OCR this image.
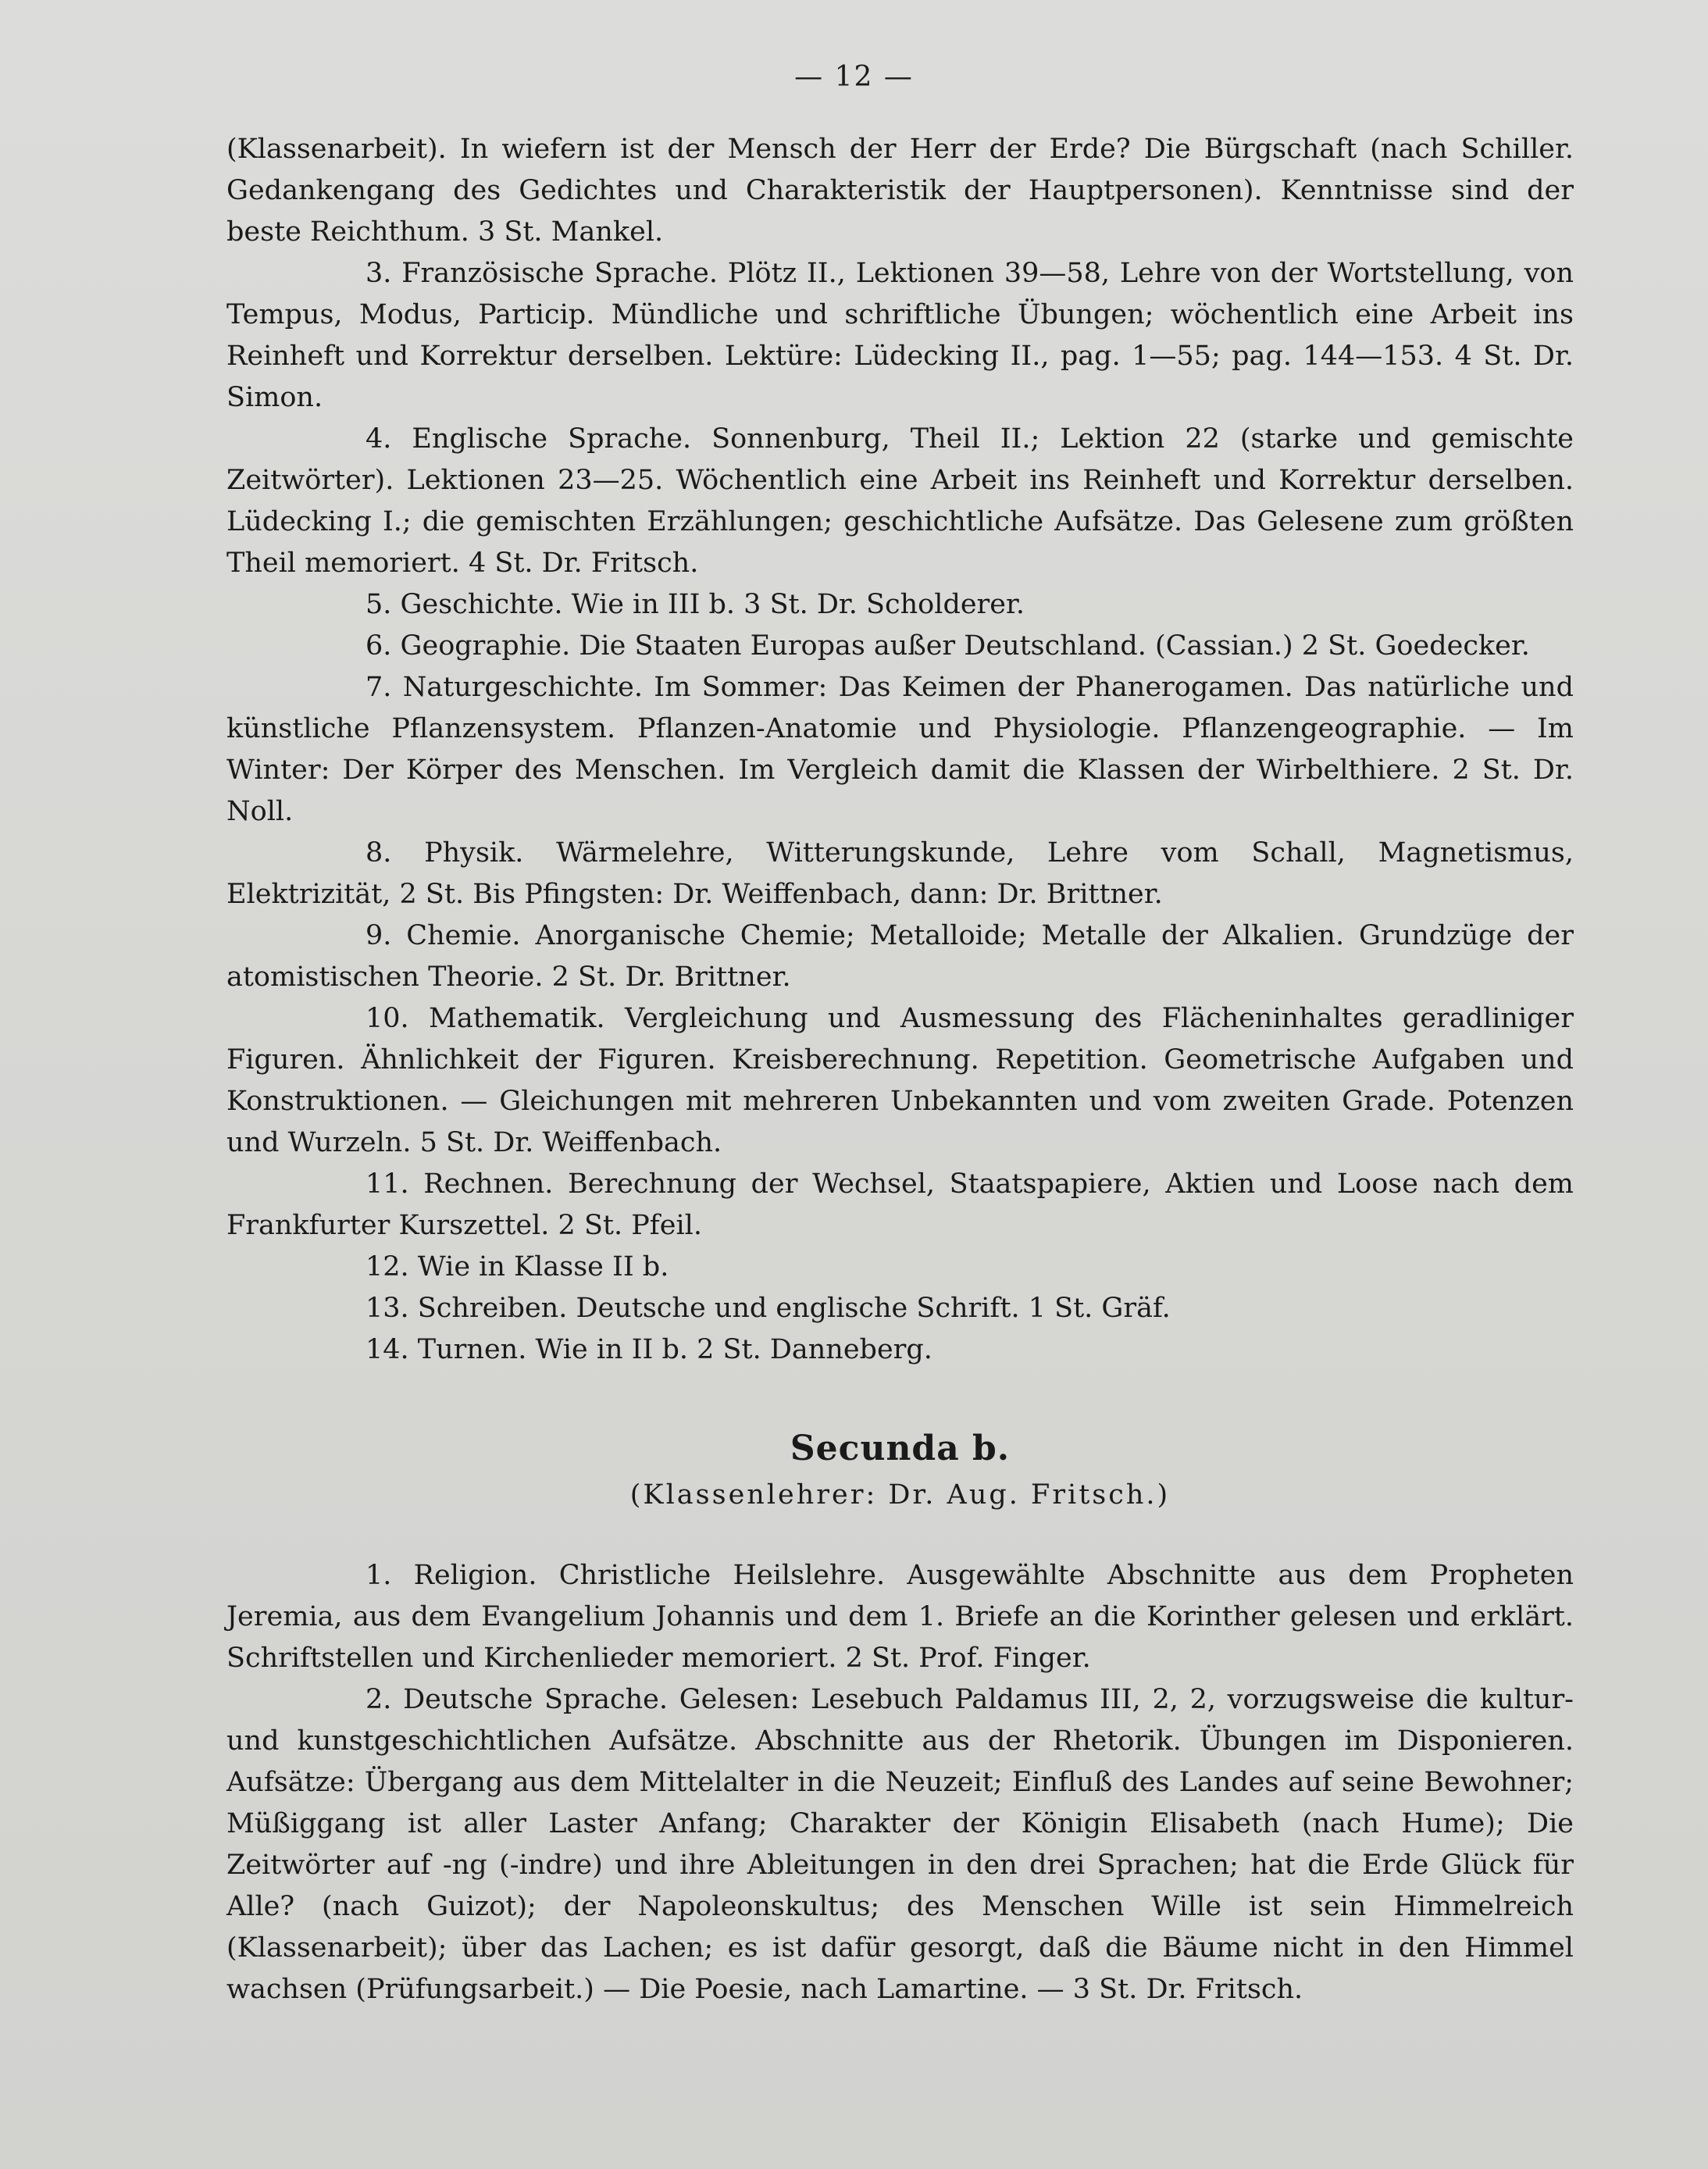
— 12 —

(Klassenarbeit). In wiefern ist der Mensch der Herr der Erde? Die Bürgschaft (nach Schiller. Gedankengang des Gedichtes und Charakteristik der Hauptpersonen). Kenntnisse sind der beste Reichthum. 3 St. Mankel.

3. Französische Sprache. Plötz II., Lektionen 39—58, Lehre von der Wortstellung, von Tempus, Modus, Particip. Mündliche und schriftliche Übungen; wöchentlich eine Arbeit ins Reinheft und Korrektur derselben. Lektüre: Lüdecking II., pag. 1—55; pag. 144—153. 4 St. Dr. Simon.

4. Englische Sprache. Sonnenburg, Theil II.; Lektion 22 (starke und gemischte Zeitwörter). Lektionen 23—25. Wöchentlich eine Arbeit ins Reinheft und Korrektur derselben. Lüdecking I.; die gemischten Erzählungen; geschichtliche Aufsätze. Das Gelesene zum größten Theil memoriert. 4 St. Dr. Fritsch.

5. Geschichte. Wie in III b. 3 St. Dr. Scholderer.

6. Geographie. Die Staaten Europas außer Deutschland. (Cassian.) 2 St. Goedecker.

7. Naturgeschichte. Im Sommer: Das Keimen der Phanerogamen. Das natürliche und künstliche Pflanzensystem. Pflanzen-Anatomie und Physiologie. Pflanzengeographie. — Im Winter: Der Körper des Menschen. Im Vergleich damit die Klassen der Wirbelthiere. 2 St. Dr. Noll.

8. Physik. Wärmelehre, Witterungskunde, Lehre vom Schall, Magnetismus, Elektrizität, 2 St. Bis Pfingsten: Dr. Weiffenbach, dann: Dr. Brittner.

9. Chemie. Anorganische Chemie; Metalloide; Metalle der Alkalien. Grundzüge der atomistischen Theorie. 2 St. Dr. Brittner.

10. Mathematik. Vergleichung und Ausmessung des Flächeninhaltes geradliniger Figuren. Ähnlichkeit der Figuren. Kreisberechnung. Repetition. Geometrische Aufgaben und Konstruktionen. — Gleichungen mit mehreren Unbekannten und vom zweiten Grade. Potenzen und Wurzeln. 5 St. Dr. Weiffenbach.

11. Rechnen. Berechnung der Wechsel, Staatspapiere, Aktien und Loose nach dem Frankfurter Kurszettel. 2 St. Pfeil.

12. Wie in Klasse II b.

13. Schreiben. Deutsche und englische Schrift. 1 St. Gräf.

14. Turnen. Wie in II b. 2 St. Danneberg.

Secunda b.

(Klassenlehrer: Dr. Aug. Fritsch.)

1. Religion. Christliche Heilslehre. Ausgewählte Abschnitte aus dem Propheten Jeremia, aus dem Evangelium Johannis und dem 1. Briefe an die Korinther gelesen und erklärt. Schriftstellen und Kirchenlieder memoriert. 2 St. Prof. Finger.

2. Deutsche Sprache. Gelesen: Lesebuch Paldamus III, 2, 2, vorzugsweise die kultur- und kunstgeschichtlichen Aufsätze. Abschnitte aus der Rhetorik. Übungen im Disponieren. Aufsätze: Übergang aus dem Mittelalter in die Neuzeit; Einfluß des Landes auf seine Bewohner; Müßiggang ist aller Laster Anfang; Charakter der Königin Elisabeth (nach Hume); Die Zeitwörter auf -ng (-indre) und ihre Ableitungen in den drei Sprachen; hat die Erde Glück für Alle? (nach Guizot); der Napoleonskultus; des Menschen Wille ist sein Himmelreich (Klassenarbeit); über das Lachen; es ist dafür gesorgt, daß die Bäume nicht in den Himmel wachsen (Prüfungsarbeit.) — Die Poesie, nach Lamartine. — 3 St. Dr. Fritsch.
